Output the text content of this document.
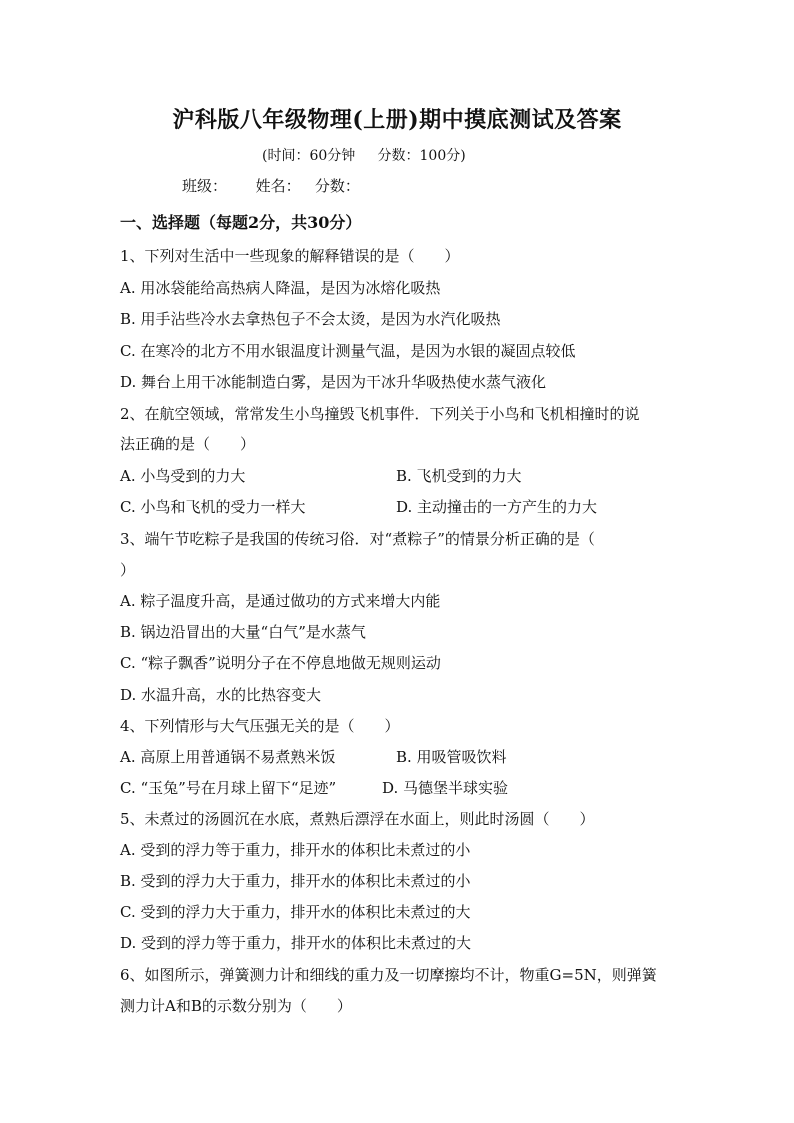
沪科版八年级物理(上册)期中摸底测试及答案
(时间：60分钟     分数：100分)
班级：      姓名：   分数：
一、选择题（每题2分，共30分）
1、下列对生活中一些现象的解释错误的是（　　）
A. 用冰袋能给高热病人降温，是因为冰熔化吸热
B. 用手沾些冷水去拿热包子不会太烫，是因为水汽化吸热
C. 在寒冷的北方不用水银温度计测量气温，是因为水银的凝固点较低
D. 舞台上用干冰能制造白雾，是因为干冰升华吸热使水蒸气液化
2、在航空领域，常常发生小鸟撞毁飞机事件．下列关于小鸟和飞机相撞时的说
法正确的是（　　）
A. 小鸟受到的力大	B. 飞机受到的力大
C. 小鸟和飞机的受力一样大	D. 主动撞击的一方产生的力大
3、端午节吃粽子是我国的传统习俗．对“煮粽子”的情景分析正确的是（
）
A. 粽子温度升高，是通过做功的方式来增大内能
B. 锅边沿冒出的大量“白气”是水蒸气
C. “粽子飘香”说明分子在不停息地做无规则运动
D. 水温升高，水的比热容变大
4、下列情形与大气压强无关的是（　　）
A. 高原上用普通锅不易煮熟米饭	B. 用吸管吸饮料
C. “玉兔”号在月球上留下“足迹”	D. 马德堡半球实验
5、未煮过的汤圆沉在水底，煮熟后漂浮在水面上，则此时汤圆（　　）
A. 受到的浮力等于重力，排开水的体积比未煮过的小
B. 受到的浮力大于重力，排开水的体积比未煮过的小
C. 受到的浮力大于重力，排开水的体积比未煮过的大
D. 受到的浮力等于重力，排开水的体积比未煮过的大
6、如图所示，弹簧测力计和细线的重力及一切摩擦均不计，物重G=5N，则弹簧
测力计A和B的示数分别为（　　）
